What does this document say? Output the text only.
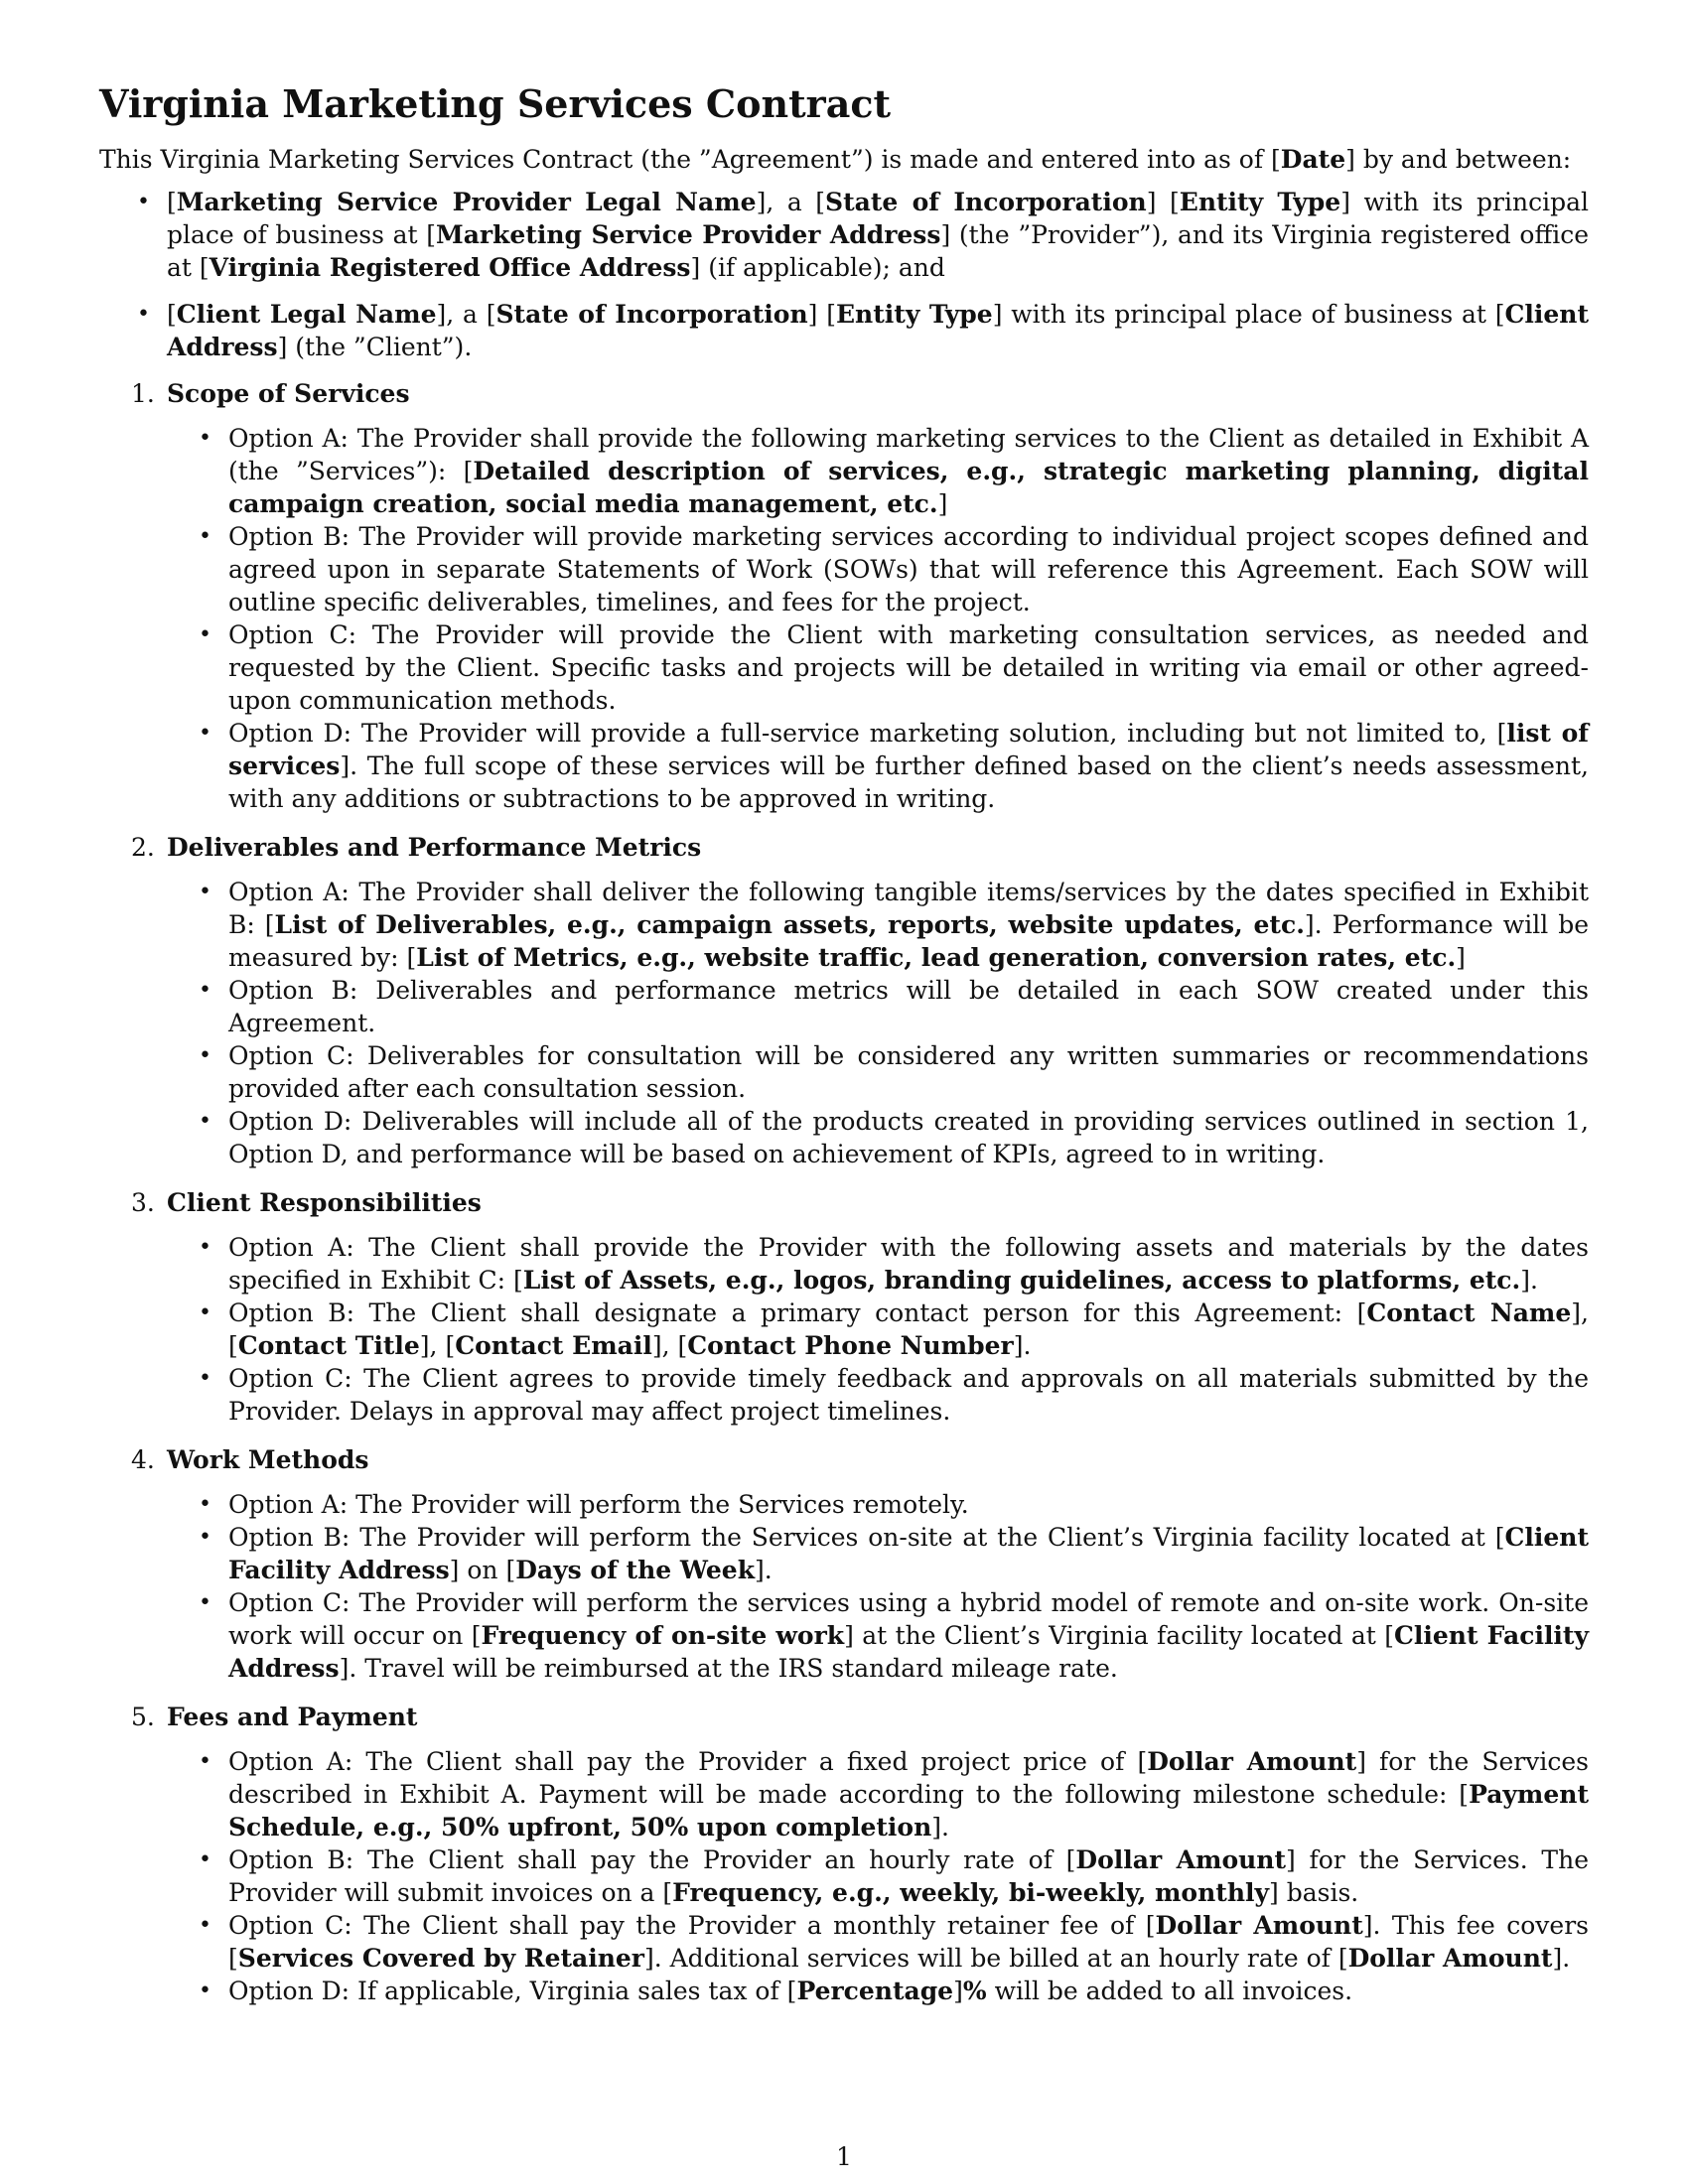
Virginia Marketing Services Contract

This Virginia Marketing Services Contract (the ”Agreement”) is made and entered into as of [Date] by and between:

• [Marketing Service Provider Legal Name], a [State of Incorporation] [Entity Type] with its principal place of business at [Marketing Service Provider Address] (the ”Provider”), and its Virginia registered office at [Virginia Registered Office Address] (if applicable); and
• [Client Legal Name], a [State of Incorporation] [Entity Type] with its principal place of business at [Client Address] (the ”Client”).
1. Scope of Services
• Option A: The Provider shall provide the following marketing services to the Client as detailed in Exhibit A (the ”Services”): [Detailed description of services, e.g., strategic marketing planning, digital campaign creation, social media management, etc.]
• Option B: The Provider will provide marketing services according to individual project scopes defined and agreed upon in separate Statements of Work (SOWs) that will reference this Agreement. Each SOW will outline specific deliverables, timelines, and fees for the project.
• Option C: The Provider will provide the Client with marketing consultation services, as needed and requested by the Client. Specific tasks and projects will be detailed in writing via email or other agreed-upon communication methods.
• Option D: The Provider will provide a full-service marketing solution, including but not limited to, [list of services]. The full scope of these services will be further defined based on the client’s needs assessment, with any additions or subtractions to be approved in writing.
2. Deliverables and Performance Metrics
• Option A: The Provider shall deliver the following tangible items/services by the dates specified in Exhibit B: [List of Deliverables, e.g., campaign assets, reports, website updates, etc.]. Performance will be measured by: [List of Metrics, e.g., website traffic, lead generation, conversion rates, etc.]
• Option B: Deliverables and performance metrics will be detailed in each SOW created under this Agreement.
• Option C: Deliverables for consultation will be considered any written summaries or recommendations provided after each consultation session.
• Option D: Deliverables will include all of the products created in providing services outlined in section 1, Option D, and performance will be based on achievement of KPIs, agreed to in writing.
3. Client Responsibilities
• Option A: The Client shall provide the Provider with the following assets and materials by the dates specified in Exhibit C: [List of Assets, e.g., logos, branding guidelines, access to platforms, etc.].
• Option B: The Client shall designate a primary contact person for this Agreement: [Contact Name], [Contact Title], [Contact Email], [Contact Phone Number].
• Option C: The Client agrees to provide timely feedback and approvals on all materials submitted by the Provider. Delays in approval may affect project timelines.
4. Work Methods
• Option A: The Provider will perform the Services remotely.
• Option B: The Provider will perform the Services on-site at the Client’s Virginia facility located at [Client Facility Address] on [Days of the Week].
• Option C: The Provider will perform the services using a hybrid model of remote and on-site work. On-site work will occur on [Frequency of on-site work] at the Client’s Virginia facility located at [Client Facility Address]. Travel will be reimbursed at the IRS standard mileage rate.
5. Fees and Payment
• Option A: The Client shall pay the Provider a fixed project price of [Dollar Amount] for the Services described in Exhibit A. Payment will be made according to the following milestone schedule: [Payment Schedule, e.g., 50% upfront, 50% upon completion].
• Option B: The Client shall pay the Provider an hourly rate of [Dollar Amount] for the Services. The Provider will submit invoices on a [Frequency, e.g., weekly, bi-weekly, monthly] basis.
• Option C: The Client shall pay the Provider a monthly retainer fee of [Dollar Amount]. This fee covers [Services Covered by Retainer]. Additional services will be billed at an hourly rate of [Dollar Amount].
• Option D: If applicable, Virginia sales tax of [Percentage]% will be added to all invoices.
1
